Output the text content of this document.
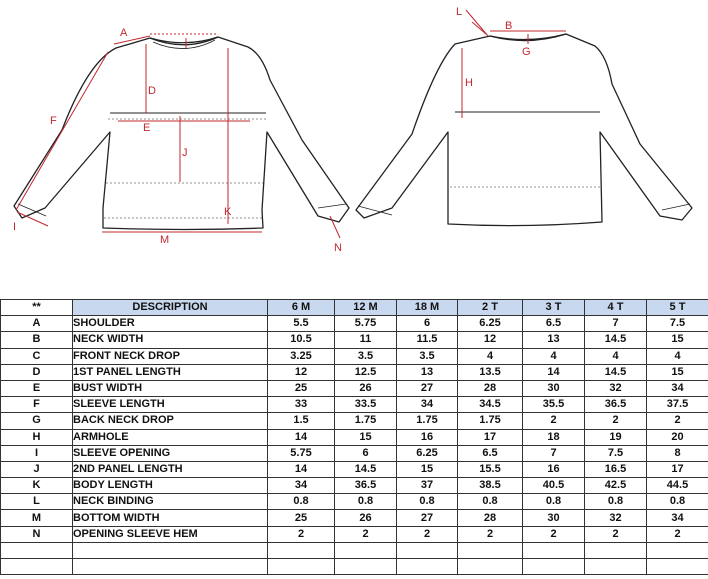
A
D
E
F
J
I
M
K
N
L
B
G
H
**	DESCRIPTION	6 M	12 M	18 M	2 T	3 T	4 T	5 T
A	SHOULDER	5.5	5.75	6	6.25	6.5	7	7.5
B	NECK WIDTH	10.5	11	11.5	12	13	14.5	15
C	FRONT NECK DROP	3.25	3.5	3.5	4	4	4	4
D	1ST PANEL LENGTH	12	12.5	13	13.5	14	14.5	15
E	BUST WIDTH	25	26	27	28	30	32	34
F	SLEEVE LENGTH	33	33.5	34	34.5	35.5	36.5	37.5
G	BACK NECK DROP	1.5	1.75	1.75	1.75	2	2	2
H	ARMHOLE	14	15	16	17	18	19	20
I	SLEEVE OPENING	5.75	6	6.25	6.5	7	7.5	8
J	2ND PANEL LENGTH	14	14.5	15	15.5	16	16.5	17
K	BODY LENGTH	34	36.5	37	38.5	40.5	42.5	44.5
L	NECK BINDING	0.8	0.8	0.8	0.8	0.8	0.8	0.8
M	BOTTOM WIDTH	25	26	27	28	30	32	34
N	OPENING SLEEVE HEM	2	2	2	2	2	2	2
